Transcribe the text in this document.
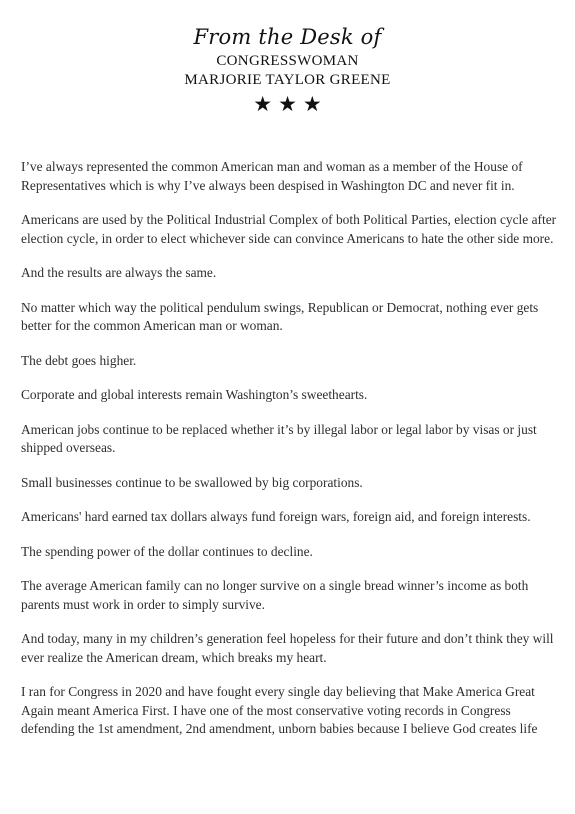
From the Desk of
CONGRESSWOMAN
MARJORIE TAYLOR GREENE
★★★

I’ve always represented the common American man and woman as a member of the House of Representatives which is why I’ve always been despised in Washington DC and never fit in.

Americans are used by the Political Industrial Complex of both Political Parties, election cycle after election cycle, in order to elect whichever side can convince Americans to hate the other side more.

And the results are always the same.

No matter which way the political pendulum swings, Republican or Democrat, nothing ever gets better for the common American man or woman.

The debt goes higher.

Corporate and global interests remain Washington’s sweethearts.

American jobs continue to be replaced whether it’s by illegal labor or legal labor by visas or just shipped overseas.

Small businesses continue to be swallowed by big corporations.

Americans' hard earned tax dollars always fund foreign wars, foreign aid, and foreign interests.

The spending power of the dollar continues to decline.

The average American family can no longer survive on a single bread winner’s income as both parents must work in order to simply survive.

And today, many in my children’s generation feel hopeless for their future and don’t think they will ever realize the American dream, which breaks my heart.

I ran for Congress in 2020 and have fought every single day believing that Make America Great Again meant America First. I have one of the most conservative voting records in Congress defending the 1st amendment, 2nd amendment, unborn babies because I believe God creates life
